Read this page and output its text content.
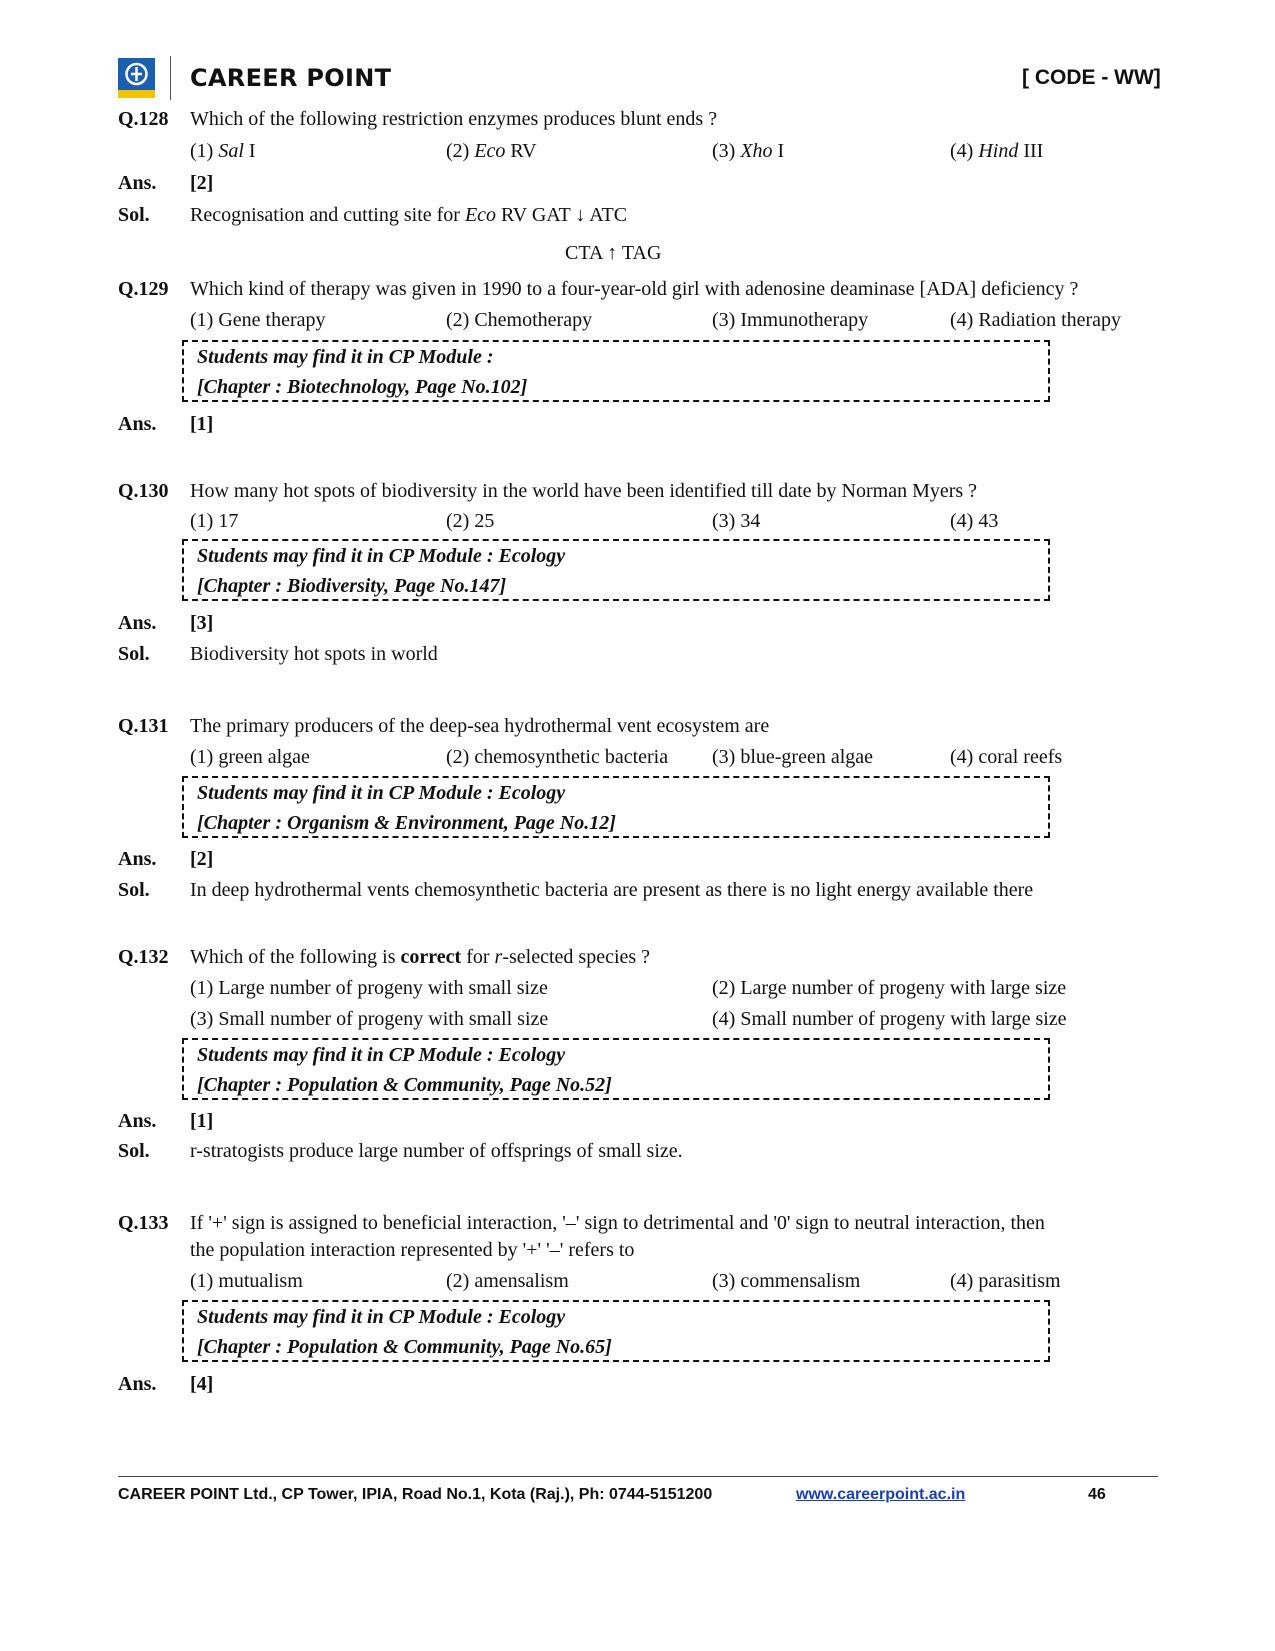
CAREER POINT	[ CODE - WW]
Q.128 Which of the following restriction enzymes produces blunt ends ?
(1) Sal I	(2) Eco RV	(3) Xho I	(4) Hind III
Ans. [2]
Sol. Recognisation and cutting site for Eco RV GAT ↓ ATC
CTA ↑ TAG
Q.129 Which kind of therapy was given in 1990 to a four-year-old girl with adenosine deaminase [ADA] deficiency ?
(1) Gene therapy	(2) Chemotherapy	(3) Immunotherapy	(4) Radiation therapy
Students may find it in CP Module :
[Chapter : Biotechnology, Page No.102]
Ans. [1]
Q.130 How many hot spots of biodiversity in the world have been identified till date by Norman Myers ?
(1) 17	(2) 25	(3) 34	(4) 43
Students may find it in CP Module : Ecology
[Chapter : Biodiversity, Page No.147]
Ans. [3]
Sol. Biodiversity hot spots in world
Q.131 The primary producers of the deep-sea hydrothermal vent ecosystem are
(1) green algae	(2) chemosynthetic bacteria (3) blue-green algae	(4) coral reefs
Students may find it in CP Module : Ecology
[Chapter : Organism & Environment, Page No.12]
Ans. [2]
Sol. In deep hydrothermal vents chemosynthetic bacteria are present as there is no light energy available there
Q.132 Which of the following is correct for r-selected species ?
(1) Large number of progeny with small size	(2) Large number of progeny with large size
(3) Small number of progeny with small size	(4) Small number of progeny with large size
Students may find it in CP Module : Ecology
[Chapter : Population & Community, Page No.52]
Ans. [1]
Sol. r-stratogists produce large number of offsprings of small size.
Q.133 If '+' sign is assigned to beneficial interaction, '–' sign to detrimental and '0' sign to neutral interaction, then
the population interaction represented by '+' '–' refers to
(1) mutualism	(2) amensalism	(3) commensalism	(4) parasitism
Students may find it in CP Module : Ecology
[Chapter : Population & Community, Page No.65]
Ans. [4]
CAREER POINT Ltd., CP Tower, IPIA, Road No.1, Kota (Raj.), Ph: 0744-5151200	www.careerpoint.ac.in	46
